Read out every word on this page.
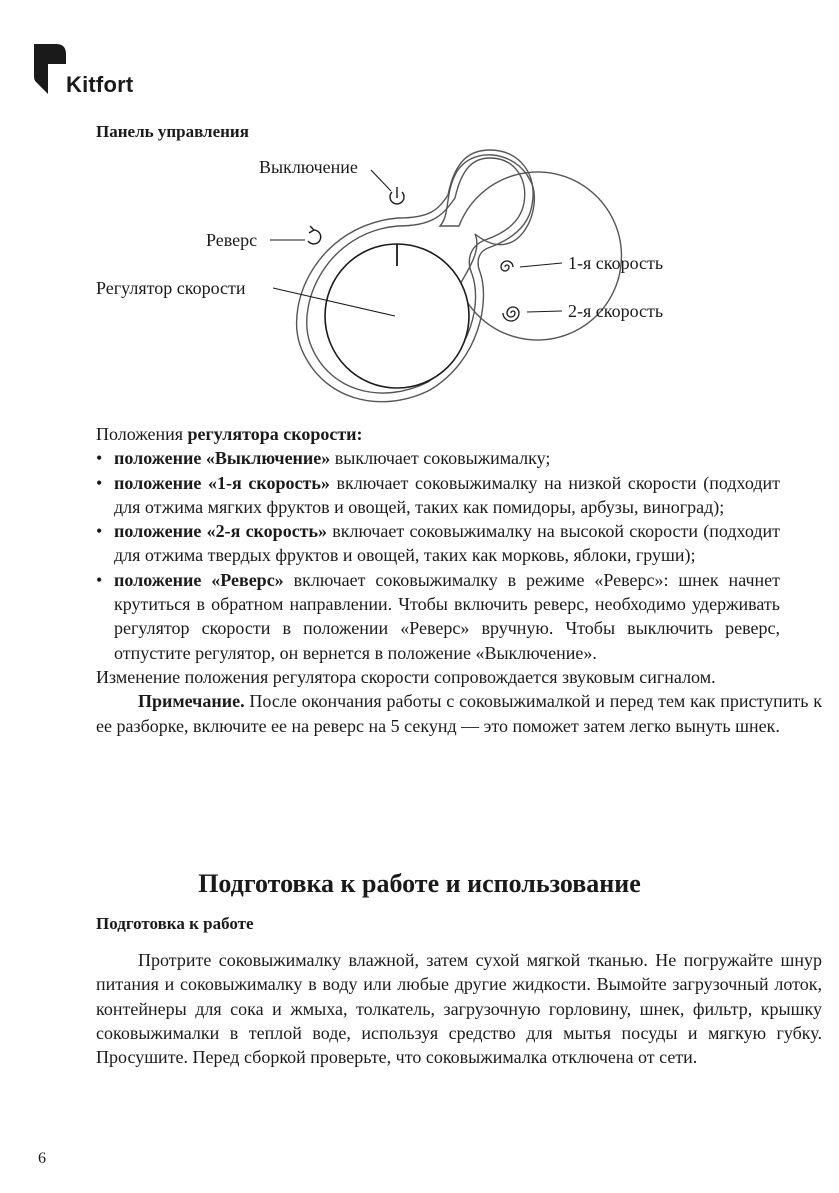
Kitfort
Панель управления
Выключение
Реверс
Регулятор скорости
1-я скорость
2-я скорость

Положения регулятора скорости:

• положение «Выключение» выключает соковыжималку;

• положение «1-я скорость» включает соковыжималку на низкой скорости (подходит для отжима мягких фруктов и овощей, таких как помидоры, арбузы, виноград);

• положение «2-я скорость» включает соковыжималку на высокой скорости (подходит для отжима твердых фруктов и овощей, таких как морковь, яблоки, груши);

• положение «Реверс» включает соковыжималку в режиме «Реверс»: шнек начнет крутиться в обратном направлении. Чтобы включить реверс, необходимо удерживать регулятор скорости в положении «Реверс» вручную. Чтобы выключить реверс, отпустите регулятор, он вернется в положение «Выключение».

Изменение положения регулятора скорости сопровождается звуковым сигналом.

Примечание. После окончания работы с соковыжималкой и перед тем как приступить к ее разборке, включите ее на реверс на 5 секунд — это поможет затем легко вынуть шнек.

Подготовка к работе и использование
Подготовка к работе

Протрите соковыжималку влажной, затем сухой мягкой тканью. Не погружайте шнур питания и соковыжималку в воду или любые другие жидкости. Вымойте загрузочный лоток, контейнеры для сока и жмыха, толкатель, загрузочную горловину, шнек, фильтр, крышку соковыжималки в теплой воде, используя средство для мытья посуды и мягкую губку. Просушите. Перед сборкой проверьте, что соковыжималка отключена от сети.

6
